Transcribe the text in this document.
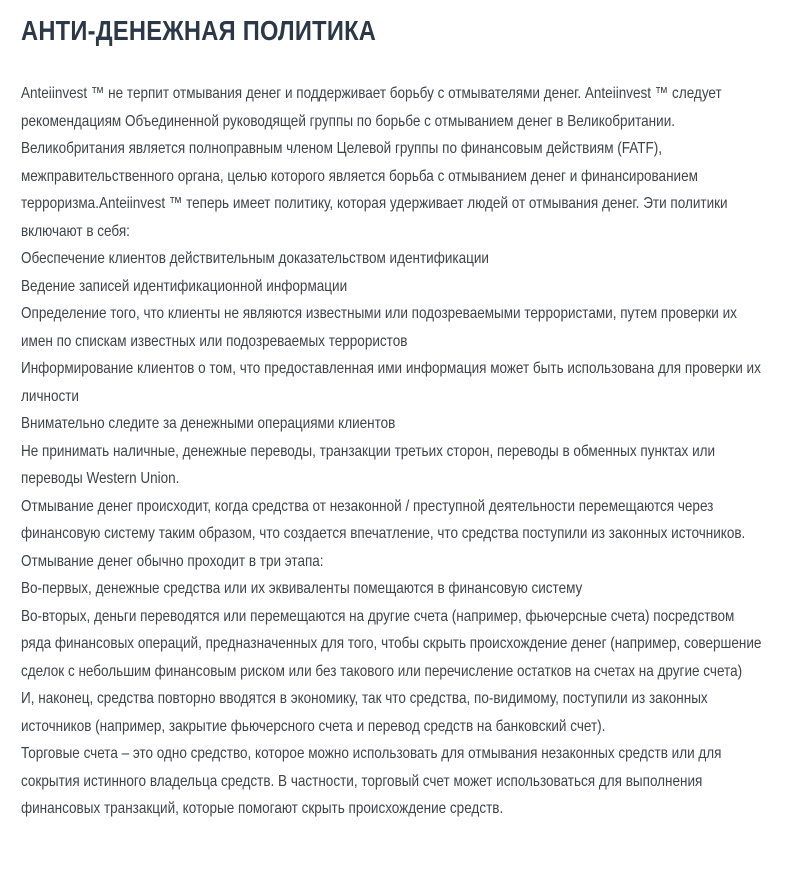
АНТИ-ДЕНЕЖНАЯ ПОЛИТИКА

Anteiinvest ™ не терпит отмывания денег и поддерживает борьбу с отмывателями денег. Anteiinvest ™ следует рекомендациям Объединенной руководящей группы по борьбе с отмыванием денег в Великобритании. Великобритания является полноправным членом Целевой группы по финансовым действиям (FATF), межправительственного органа, целью которого является борьба с отмыванием денег и финансированием терроризма.Anteiinvest ™ теперь имеет политику, которая удерживает людей от отмывания денег. Эти политики включают в себя:

Обеспечение клиентов действительным доказательством идентификации

Ведение записей идентификационной информации

Определение того, что клиенты не являются известными или подозреваемыми террористами, путем проверки их имен по спискам известных или подозреваемых террористов

Информирование клиентов о том, что предоставленная ими информация может быть использована для проверки их личности

Внимательно следите за денежными операциями клиентов

Не принимать наличные, денежные переводы, транзакции третьих сторон, переводы в обменных пунктах или переводы Western Union.

Отмывание денег происходит, когда средства от незаконной / преступной деятельности перемещаются через финансовую систему таким образом, что создается впечатление, что средства поступили из законных источников.

Отмывание денег обычно проходит в три этапа:

Во-первых, денежные средства или их эквиваленты помещаются в финансовую систему

Во-вторых, деньги переводятся или перемещаются на другие счета (например, фьючерсные счета) посредством ряда финансовых операций, предназначенных для того, чтобы скрыть происхождение денег (например, совершение сделок с небольшим финансовым риском или без такового или перечисление остатков на счетах на другие счета)

И, наконец, средства повторно вводятся в экономику, так что средства, по-видимому, поступили из законных источников (например, закрытие фьючерсного счета и перевод средств на банковский счет).

Торговые счета – это одно средство, которое можно использовать для отмывания незаконных средств или для сокрытия истинного владельца средств. В частности, торговый счет может использоваться для выполнения финансовых транзакций, которые помогают скрыть происхождение средств.
